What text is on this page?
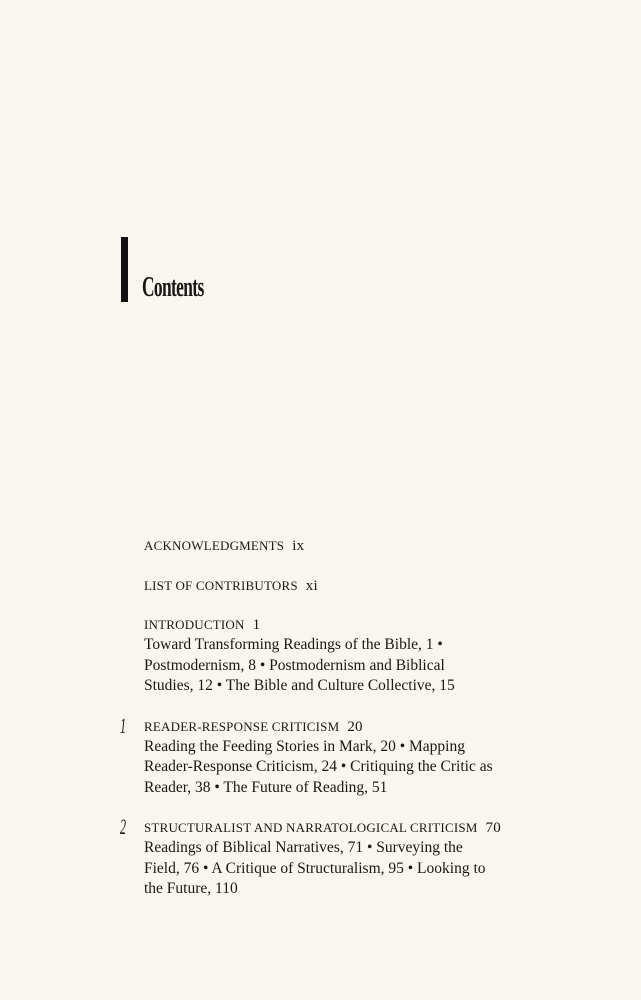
Contents
ACKNOWLEDGMENTS ix
LIST OF CONTRIBUTORS xi
INTRODUCTION 1
Toward Transforming Readings of the Bible, 1 •
Postmodernism, 8 • Postmodernism and Biblical
Studies, 12 • The Bible and Culture Collective, 15
1 READER-RESPONSE CRITICISM 20
Reading the Feeding Stories in Mark, 20 • Mapping
Reader-Response Criticism, 24 • Critiquing the Critic as
Reader, 38 • The Future of Reading, 51
2 STRUCTURALIST AND NARRATOLOGICAL CRITICISM 70
Readings of Biblical Narratives, 71 • Surveying the
Field, 76 • A Critique of Structuralism, 95 • Looking to
the Future, 110
